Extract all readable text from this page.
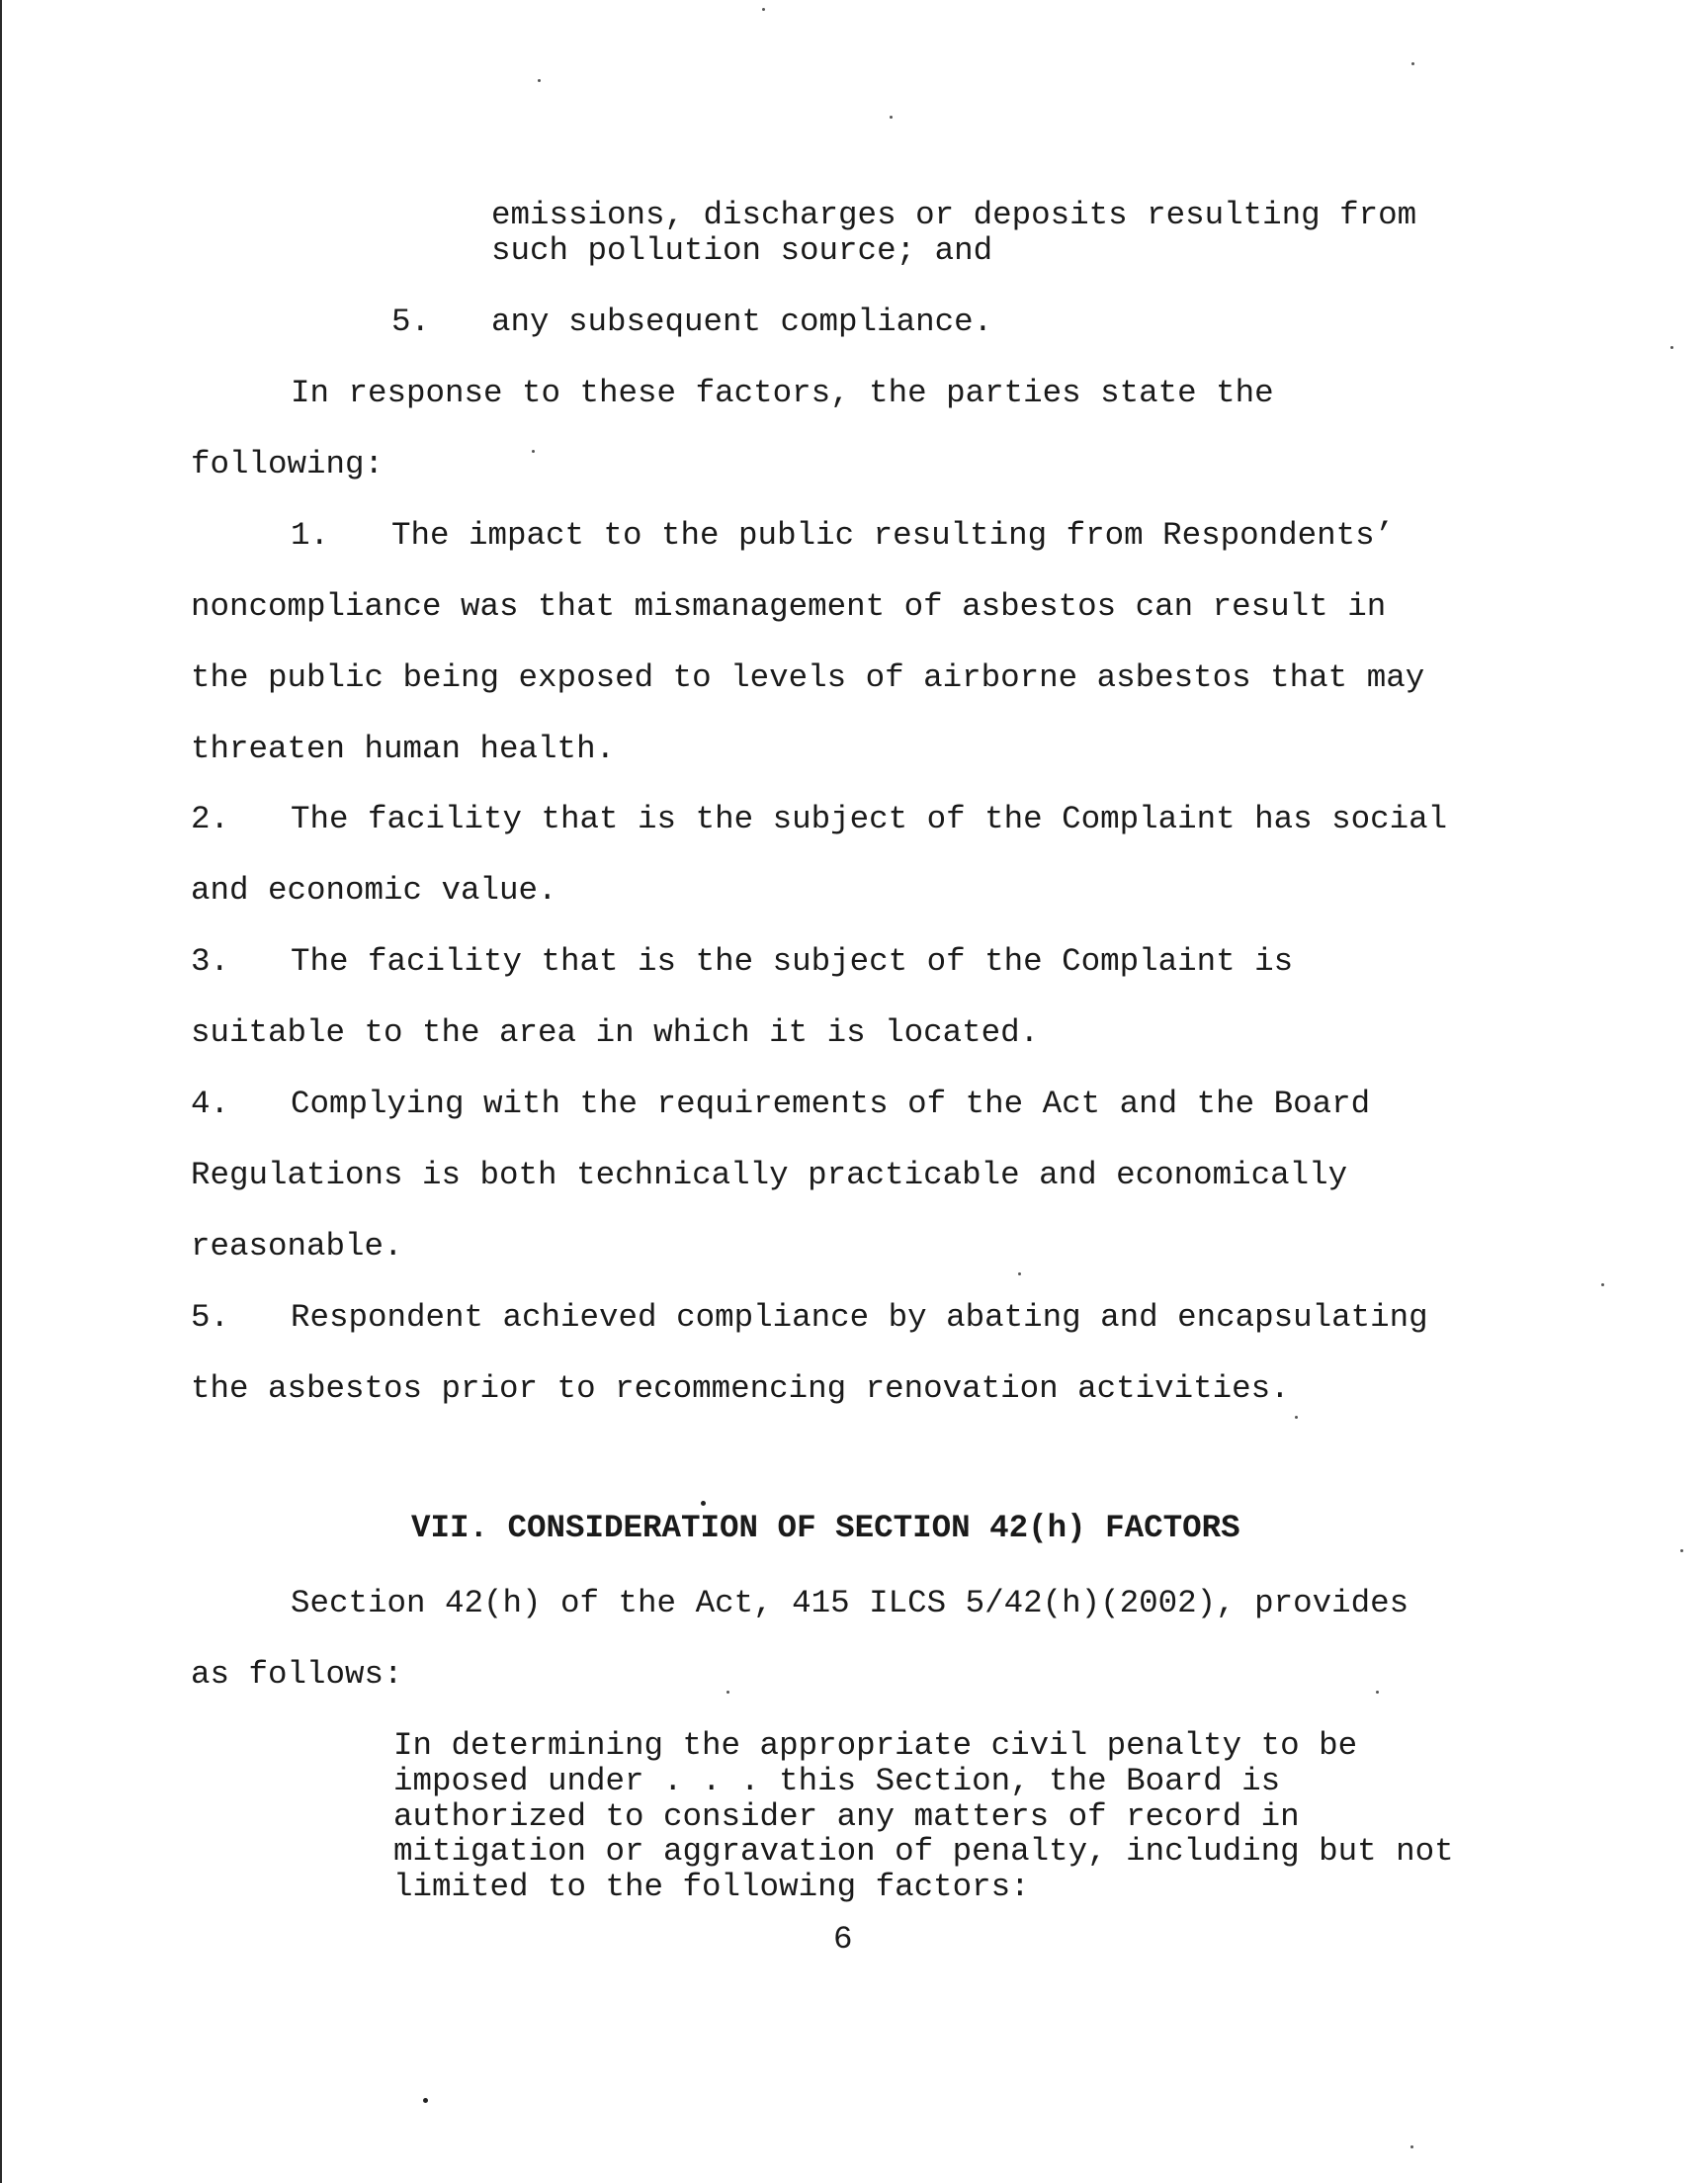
emissions, discharges or deposits resulting from
such pollution source; and
5. any subsequent compliance.
In response to these factors, the parties state the
following:
1. The impact to the public resulting from Respondents’
noncompliance was that mismanagement of asbestos can result in
the public being exposed to levels of airborne asbestos that may
threaten human health.
2. The facility that is the subject of the Complaint has social
and economic value.
3. The facility that is the subject of the Complaint is
suitable to the area in which it is located.
4. Complying with the requirements of the Act and the Board
Regulations is both technically practicable and economically
reasonable.
5. Respondent achieved compliance by abating and encapsulating
the asbestos prior to recommencing renovation activities.
VII. CONSIDERATION OF SECTION 42(h) FACTORS
Section 42(h) of the Act, 415 ILCS 5/42(h)(2002), provides
as follows:
In determining the appropriate civil penalty to be
imposed under . . . this Section, the Board is
authorized to consider any matters of record in
mitigation or aggravation of penalty, including but not
limited to the following factors:
6
